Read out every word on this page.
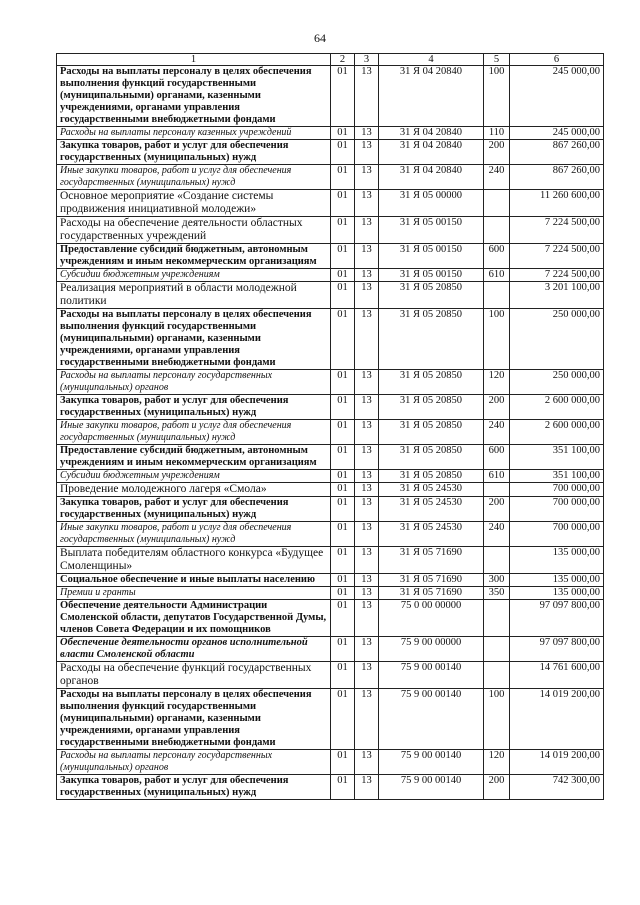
64
1	2	3	4	5	6
Расходы на выплаты персоналу в целях обеспечения выполнения функций государственными (муниципальными) органами, казенными учреждениями, органами управления государственными внебюджетными фондами	01	13	31 Я 04 20840	100	245 000,00
Расходы на выплаты персоналу казенных учреждений	01	13	31 Я 04 20840	110	245 000,00
Закупка товаров, работ и услуг для обеспечения государственных (муниципальных) нужд	01	13	31 Я 04 20840	200	867 260,00
Иные закупки товаров, работ и услуг для обеспечения государственных (муниципальных) нужд	01	13	31 Я 04 20840	240	867 260,00
Основное мероприятие «Создание системы продвижения инициативной молодежи»	01	13	31 Я 05 00000		11 260 600,00
Расходы на обеспечение деятельности областных государственных учреждений	01	13	31 Я 05 00150		7 224 500,00
Предоставление субсидий бюджетным, автономным учреждениям и иным некоммерческим организациям	01	13	31 Я 05 00150	600	7 224 500,00
Субсидии бюджетным учреждениям	01	13	31 Я 05 00150	610	7 224 500,00
Реализация мероприятий в области молодежной политики	01	13	31 Я 05 20850		3 201 100,00
Расходы на выплаты персоналу в целях обеспечения выполнения функций государственными (муниципальными) органами, казенными учреждениями, органами управления государственными внебюджетными фондами	01	13	31 Я 05 20850	100	250 000,00
Расходы на выплаты персоналу государственных (муниципальных) органов	01	13	31 Я 05 20850	120	250 000,00
Закупка товаров, работ и услуг для обеспечения государственных (муниципальных) нужд	01	13	31 Я 05 20850	200	2 600 000,00
Иные закупки товаров, работ и услуг для обеспечения государственных (муниципальных) нужд	01	13	31 Я 05 20850	240	2 600 000,00
Предоставление субсидий бюджетным, автономным учреждениям и иным некоммерческим организациям	01	13	31 Я 05 20850	600	351 100,00
Субсидии бюджетным учреждениям	01	13	31 Я 05 20850	610	351 100,00
Проведение молодежного лагеря «Смола»	01	13	31 Я 05 24530		700 000,00
Закупка товаров, работ и услуг для обеспечения государственных (муниципальных) нужд	01	13	31 Я 05 24530	200	700 000,00
Иные закупки товаров, работ и услуг для обеспечения государственных (муниципальных) нужд	01	13	31 Я 05 24530	240	700 000,00
Выплата победителям областного конкурса «Будущее Смоленщины»	01	13	31 Я 05 71690		135 000,00
Социальное обеспечение и иные выплаты населению	01	13	31 Я 05 71690	300	135 000,00
Премии и гранты	01	13	31 Я 05 71690	350	135 000,00
Обеспечение деятельности Администрации Смоленской области, депутатов Государственной Думы, членов Совета Федерации и их помощников	01	13	75 0 00 00000		97 097 800,00
Обеспечение деятельности органов исполнительной власти Смоленской области	01	13	75 9 00 00000		97 097 800,00
Расходы на обеспечение функций государственных органов	01	13	75 9 00 00140		14 761 600,00
Расходы на выплаты персоналу в целях обеспечения выполнения функций государственными (муниципальными) органами, казенными учреждениями, органами управления государственными внебюджетными фондами	01	13	75 9 00 00140	100	14 019 200,00
Расходы на выплаты персоналу государственных (муниципальных) органов	01	13	75 9 00 00140	120	14 019 200,00
Закупка товаров, работ и услуг для обеспечения государственных (муниципальных) нужд	01	13	75 9 00 00140	200	742 300,00
